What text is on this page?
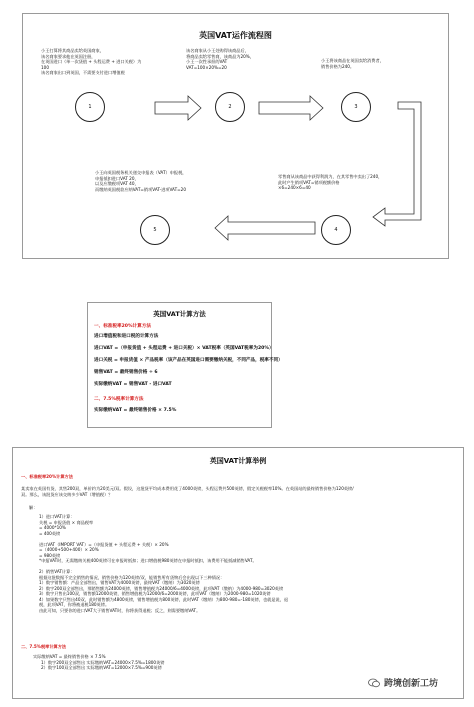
英国VAT运作流程图
小王打算将其商品卖给英国商家，
该名商家要求他在英国注册，
在英国进口（单一次货值 + 头程运费 + 进口关税）为
100
该名商家出口到英国，不需要支付进口增值税
该名商家从小王处购得该商品后，
将商品卖给零售商，该商品为20%，
小王一次性承担的VAT
VAT=100×20%=20
小王将该商品在英国卖给消费者，
销售价格为240。
1	2	3
4
5
零售商从该商品中获得利润为，在其零售中卖出了240，
此时产生销项VAT=销项税额价格
×6=240×6=40
小王向英国税务机关递交申报表（VAT）申报税，
申报抵扣进口VAT 20，
以及应缴税项VAT 40，
而缴纳英国税款应纳VAT=销项VAT-进项VAT=20
英国VAT计算方法
一、标准税率20%计算方法
进口增值税和进口税的计算方法
进口VAT =（申报货值 + 头程运费 + 进口关税）× VAT税率（英国VAT税率为20%）
进口关税 = 申报货值 × 产品税率（该产品在英国进口需要缴纳关税，不同产品，税率不同）
销售VAT = 最终销售价格 ÷ 6
实际缴纳VAT = 销售VAT - 进口VAT
二、7.5%税率计算方法
实际缴纳VAT = 最终销售价格 × 7.5%
英国VAT计算举例
一、标准税率20%计算方法
某卖家在英国有货，其售200双，单价约为20美元/双。假设，这批货平均成本费用花了4000英镑，头程运费共500英镑，假定关税税率10%。在英国站的最终销售价格为120英镑/
双。那么，该批货应该交纳多少VAT（增值税）？
解：
1）进口VAT计算：
关税 = 申报货值 × 商品税率
= 4000*10%
= 400英镑

进口VAT（IMPORT VAT）=（申报货值 + 头程运费 + 关税）× 20%
=（4000+500+400）× 20%
= 980英镑
*申报VAT时，无需缴纳关税400英镑可在申报时抵扣；进口增值税980英镑在申报时抵扣，该费用不能抵减销售VAT。

2）销售VAT计算：
根据这批数据不完全销售的情况，销售价格为120英镑/双，能销售所有货物后会出现以下三种情况：
1）数字销售额：产品全部售出，销售VAT为4000英镑，最终VAT（缴纳）为3020英镑
2）数字200双全部售出，那销售额为24000英镑，销售增值税为24000/6=4000英镑，此项VAT（缴纳）为4000-980=3020英镑
3）数字只售出100双，销售额12000英镑，销售增值税为12000/6=2000英镑，此项VAT（缴纳）为2000-980=1020英镑
4）如果数字只售出40双，此时销售额为4800英镑，销售增值税为800英镑，此时VAT（缴纳）为800-980=-180英镑，也就是说，退
税，此项VAT，你将被退税180英镑。
由此可知，只要你的进口VAT大于销售VAT时，你将获得退税；反之，则需要缴纳VAT。
二、7.5%税率计算方法
实际缴纳VAT = 最终销售价格 × 7.5%
1）数字200双全部售出 实际缴纳VAT=24000×7.5%=1800英镑
2）数字100双全部售出 实际缴纳VAT=12000×7.5%=900英镑
跨境创新工坊
